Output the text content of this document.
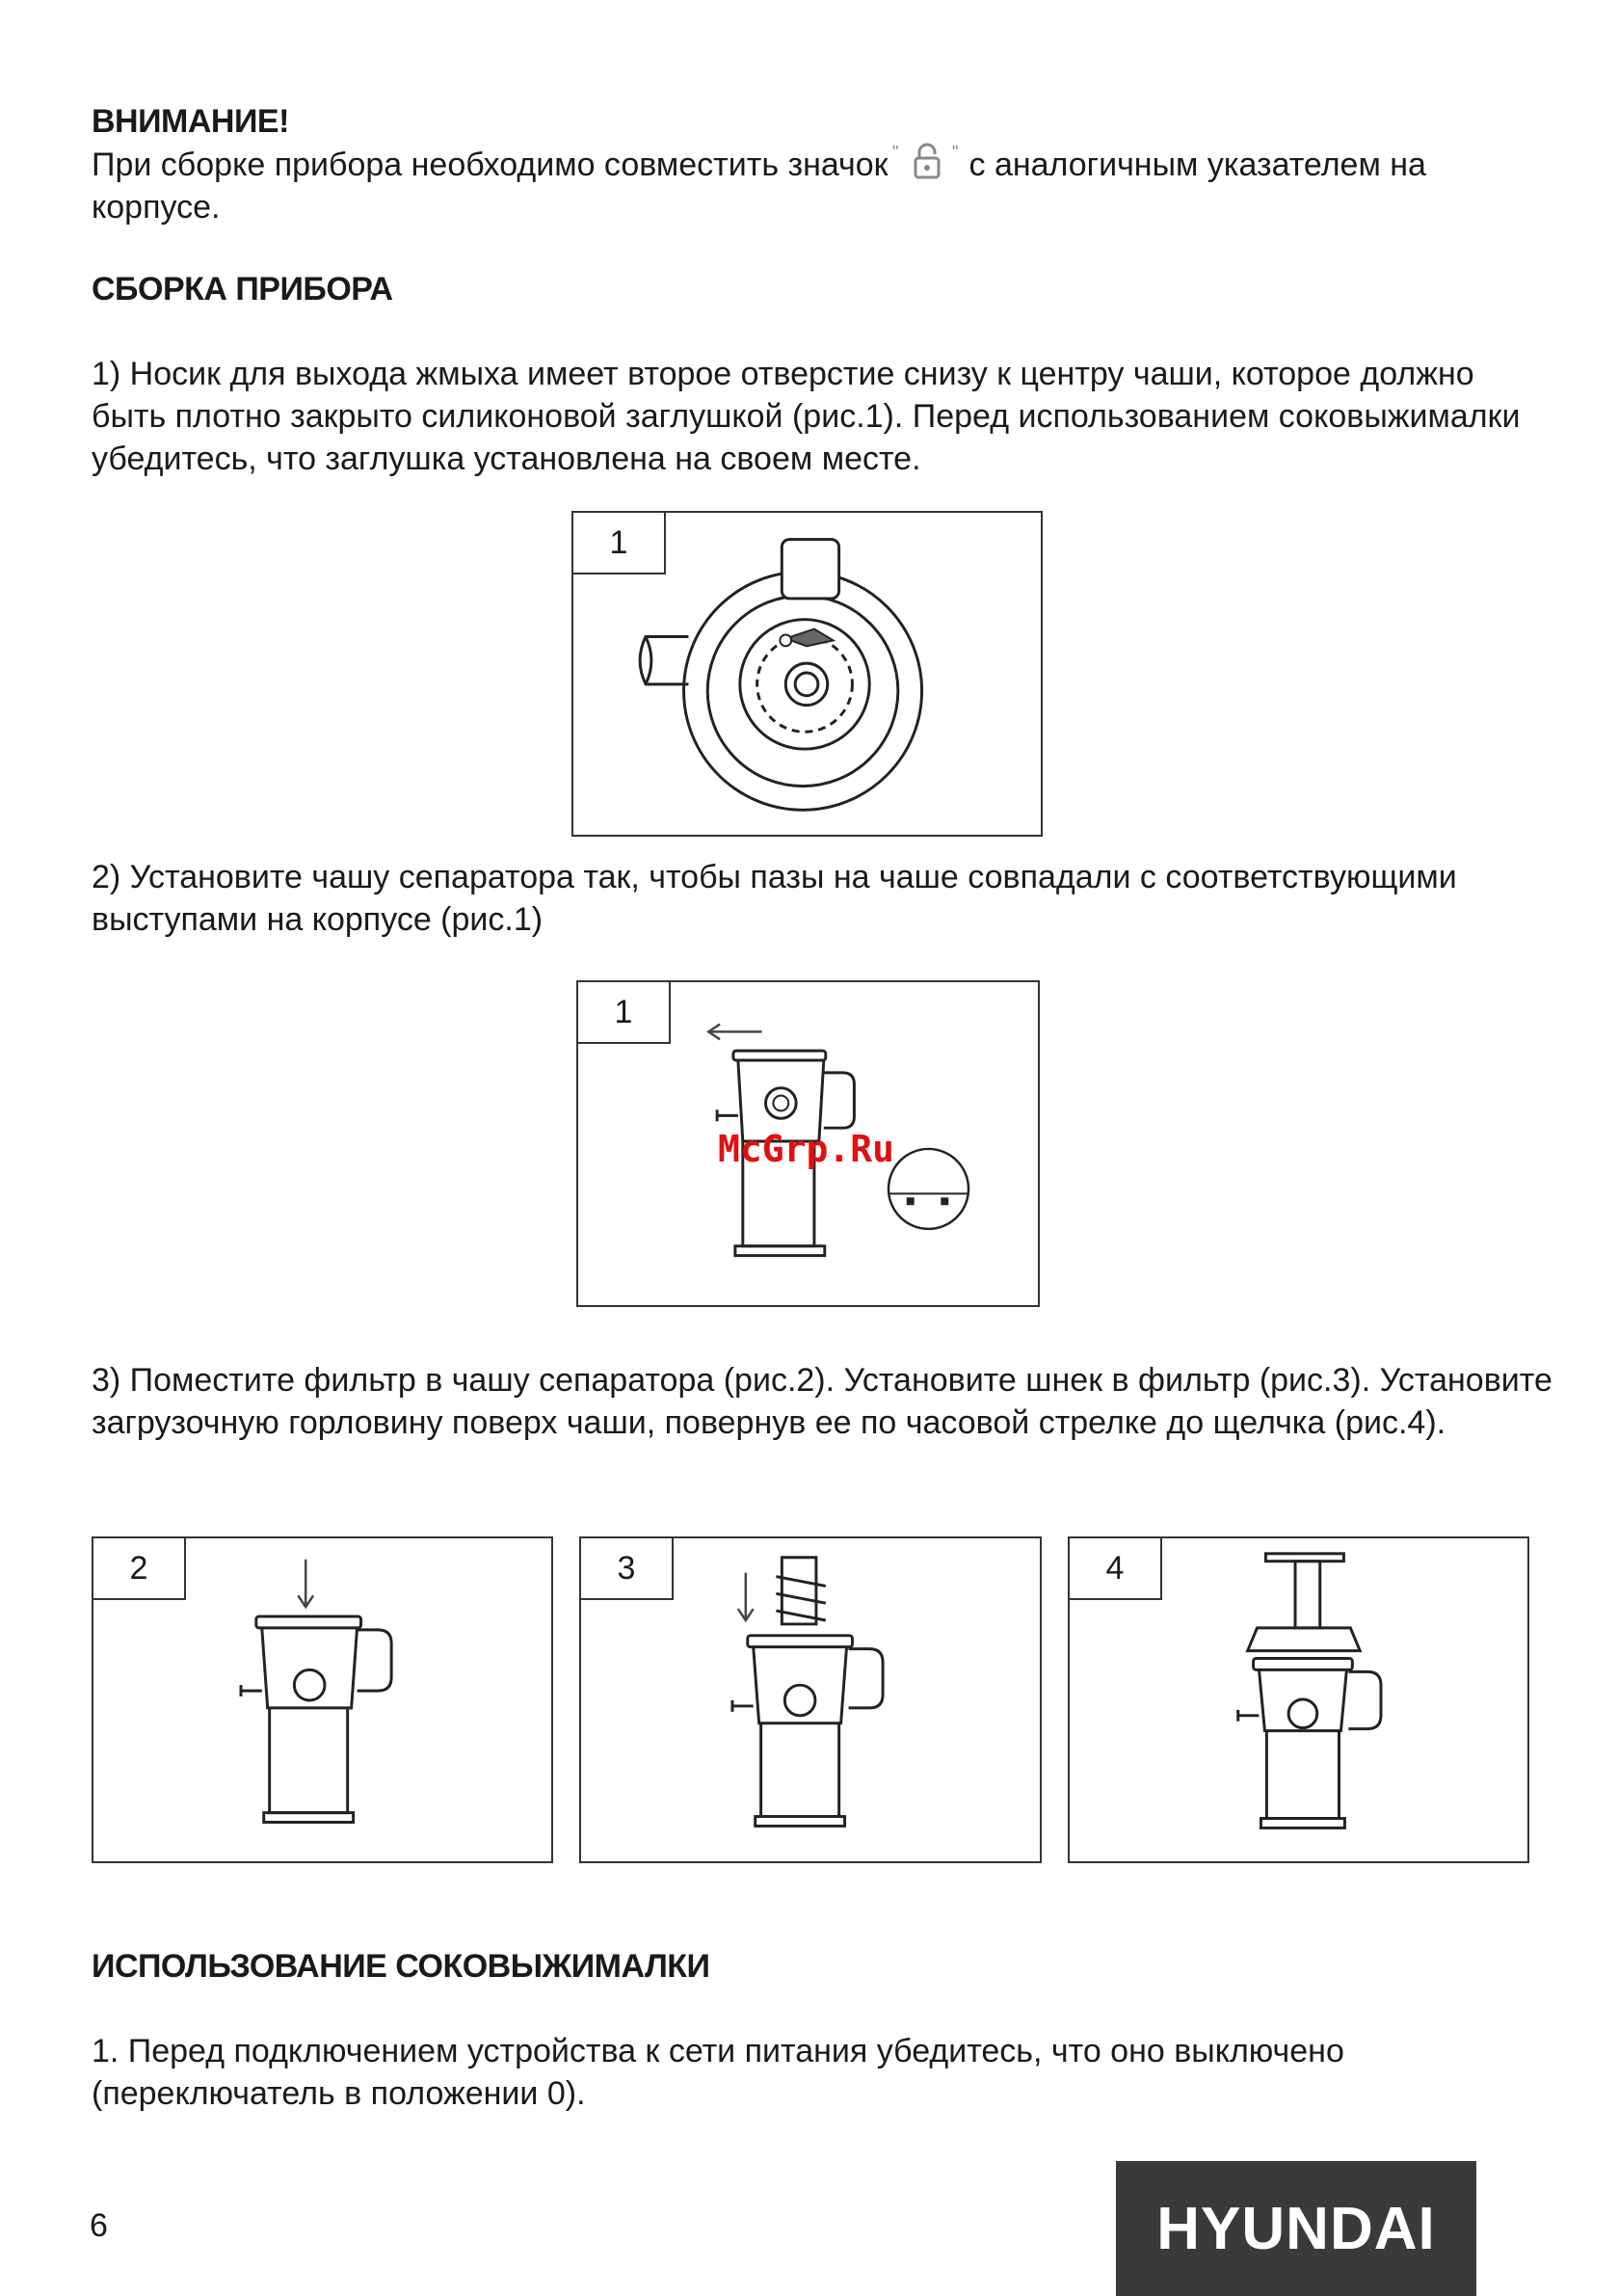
ВНИМАНИЕ!

При сборке прибора необходимо совместить значок "	" с аналогичным указателем на корпусе.

СБОРКА ПРИБОРА

1) Носик для выхода жмыха имеет второе отверстие снизу к центру чаши, которое должно быть плотно закрыто силиконовой заглушкой (рис.1). Перед использованием соковыжималки убедитесь, что заглушка установлена на своем месте.

1

2) Установите чашу сепаратора так, чтобы пазы на чаше совпадали с соответствующими выступами на корпусе (рис.1)

1
McGrp.Ru

3) Поместите фильтр в чашу сепаратора (рис.2). Установите шнек в фильтр (рис.3). Установите загрузочную горловину поверх чаши, повернув ее по часовой стрелке до щелчка (рис.4).

2	3	4

ИСПОЛЬЗОВАНИЕ СОКОВЫЖИМАЛКИ

1. Перед подключением устройства к сети питания убедитесь, что оно выключено (переключатель в положении 0).

6	HYUNDAI
